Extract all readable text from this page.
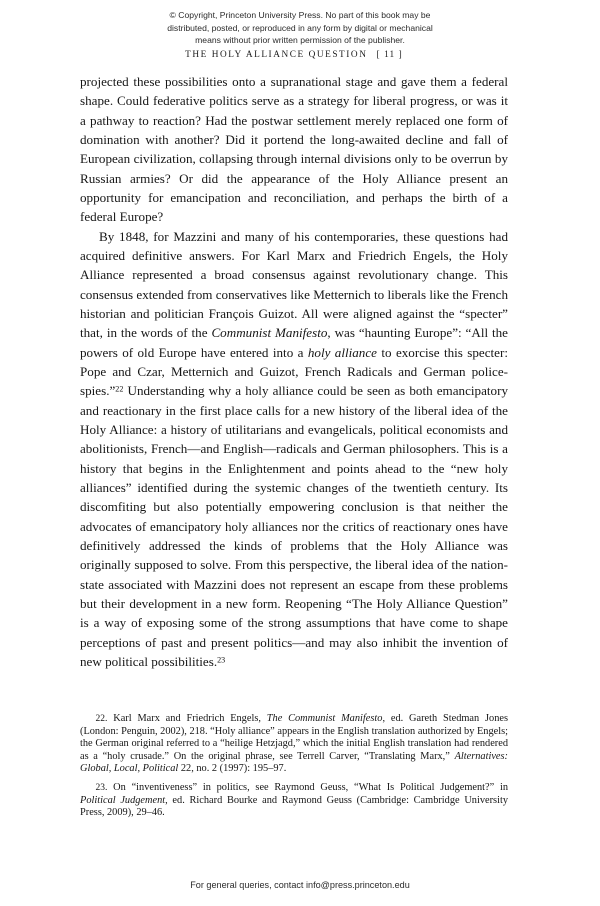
© Copyright, Princeton University Press. No part of this book may be
distributed, posted, or reproduced in any form by digital or mechanical
means without prior written permission of the publisher.
THE HOLY ALLIANCE QUESTION [ 11 ]

projected these possibilities onto a supranational stage and gave them a federal shape. Could federative politics serve as a strategy for liberal progress, or was it a pathway to reaction? Had the postwar settlement merely replaced one form of domination with another? Did it portend the long-awaited decline and fall of European civilization, collapsing through internal divisions only to be overrun by Russian armies? Or did the appearance of the Holy Alliance present an opportunity for emancipation and reconciliation, and perhaps the birth of a federal Europe?

By 1848, for Mazzini and many of his contemporaries, these questions had acquired definitive answers. For Karl Marx and Friedrich Engels, the Holy Alliance represented a broad consensus against revolutionary change. This consensus extended from conservatives like Metternich to liberals like the French historian and politician François Guizot. All were aligned against the “specter” that, in the words of the Communist Manifesto, was “haunting Europe”: “All the powers of old Europe have entered into a holy alliance to exorcise this specter: Pope and Czar, Metternich and Guizot, French Radicals and German police-spies.”$^{22}$ Understanding why a holy alliance could be seen as both emancipatory and reactionary in the first place calls for a new history of the liberal idea of the Holy Alliance: a history of utilitarians and evangelicals, political economists and abolitionists, French—and English—radicals and German philosophers. This is a history that begins in the Enlightenment and points ahead to the “new holy alliances” identified during the systemic changes of the twentieth century. Its discomfiting but also potentially empowering conclusion is that neither the advocates of emancipatory holy alliances nor the critics of reactionary ones have definitively addressed the kinds of problems that the Holy Alliance was originally supposed to solve. From this perspective, the liberal idea of the nation-state associated with Mazzini does not represent an escape from these problems but their development in a new form. Reopening “The Holy Alliance Question” is a way of exposing some of the strong assumptions that have come to shape perceptions of past and present politics—and may also inhibit the invention of new political possibilities.$^{23}$

22. Karl Marx and Friedrich Engels, The Communist Manifesto, ed. Gareth Stedman Jones (London: Penguin, 2002), 218. “Holy alliance” appears in the English translation authorized by Engels; the German original referred to a “heilige Hetzjagd,” which the initial English translation had rendered as a “holy crusade.” On the original phrase, see Terrell Carver, “Translating Marx,” Alternatives: Global, Local, Political 22, no. 2 (1997): 195–97.

23. On “inventiveness” in politics, see Raymond Geuss, “What Is Political Judgement?” in Political Judgement, ed. Richard Bourke and Raymond Geuss (Cambridge: Cambridge University Press, 2009), 29–46.

For general queries, contact info@press.princeton.edu
